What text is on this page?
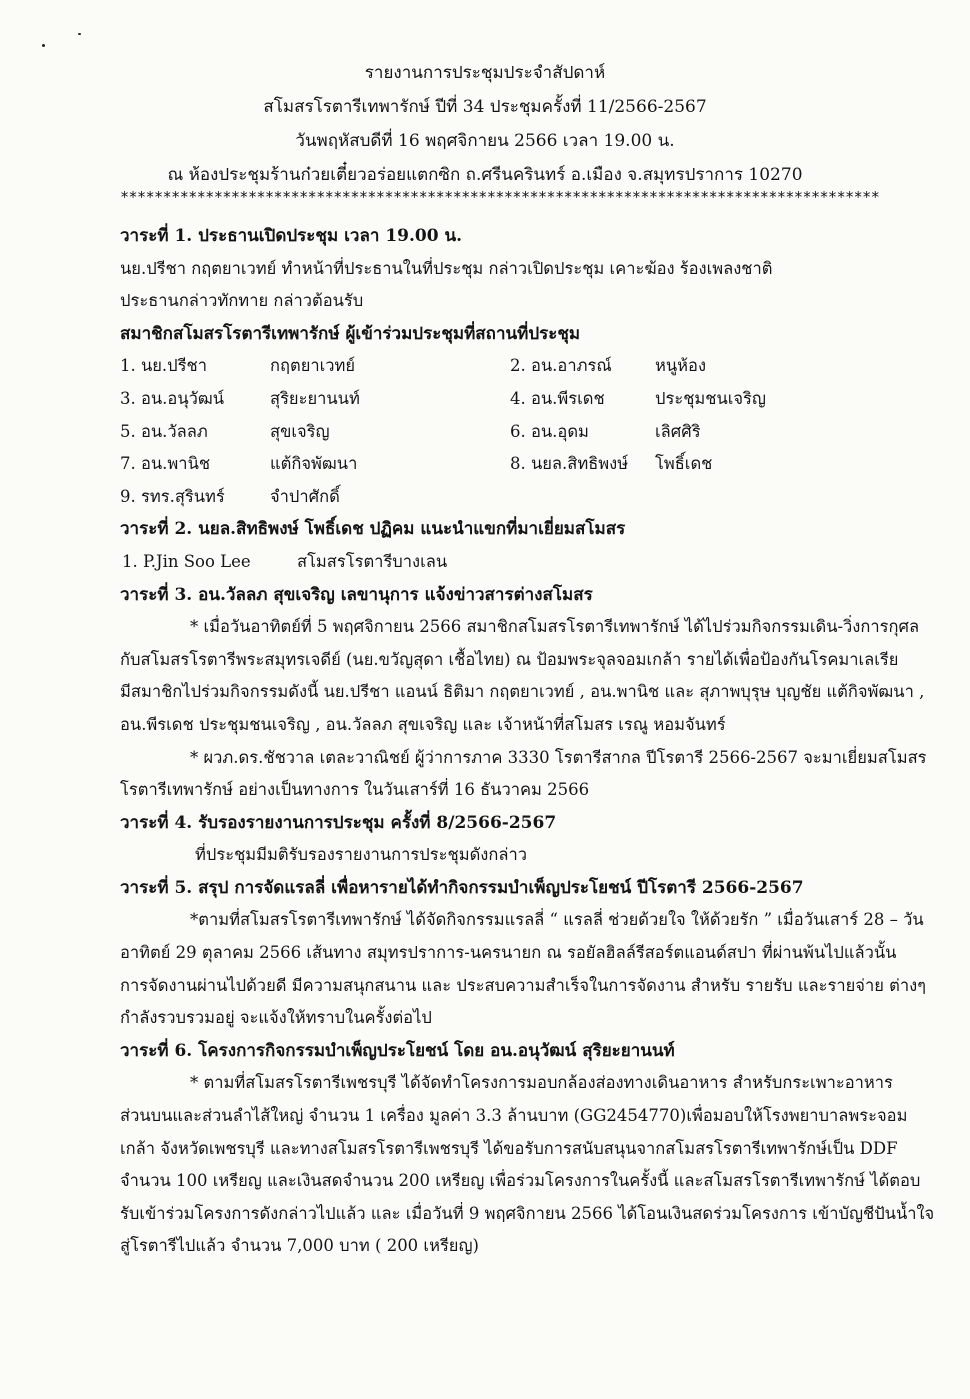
รายงานการประชุมประจำสัปดาห์
สโมสรโรตารีเทพารักษ์ ปีที่ 34 ประชุมครั้งที่ 11/2566-2567
วันพฤหัสบดีที่ 16 พฤศจิกายน 2566 เวลา 19.00 น.
ณ ห้องประชุมร้านก๋วยเตี๋ยวอร่อยแตกซิก ถ.ศรีนครินทร์ อ.เมือง จ.สมุทรปราการ 10270
*****************************************************************************************
วาระที่ 1. ประธานเปิดประชุม เวลา 19.00 น.
นย.ปรีชา กฤตยาเวทย์ ทำหน้าที่ประธานในที่ประชุม กล่าวเปิดประชุม เคาะฆ้อง ร้องเพลงชาติ
ประธานกล่าวทักทาย กล่าวต้อนรับ
สมาชิกสโมสรโรตารีเทพารักษ์ ผู้เข้าร่วมประชุมที่สถานที่ประชุม
1. นย.ปรีชา	กฤตยาเวทย์	2. อน.อาภรณ์	หนูห้อง
3. อน.อนุวัฒน์	สุริยะยานนท์	4. อน.พีรเดช	ประชุมชนเจริญ
5. อน.วัลลภ	สุขเจริญ	6. อน.อุดม	เลิศศิริ
7. อน.พานิช	แต้กิจพัฒนา	8. นยล.สิทธิพงษ์	โพธิ์เดช
9. รทร.สุรินทร์	จำปาศักดิ์
วาระที่ 2. นยล.สิทธิพงษ์ โพธิ์เดช ปฏิคม แนะนำแขกที่มาเยี่ยมสโมสร
1. P.Jin Soo Lee	สโมสรโรตารีบางเลน
วาระที่ 3. อน.วัลลภ สุขเจริญ เลขานุการ แจ้งข่าวสารต่างสโมสร
* เมื่อวันอาทิตย์ที่ 5 พฤศจิกายน 2566 สมาชิกสโมสรโรตารีเทพารักษ์ ได้ไปร่วมกิจกรรมเดิน-วิ่งการกุศล
กับสโมสรโรตารีพระสมุทรเจดีย์ (นย.ขวัญสุดา เชื้อไทย) ณ ป้อมพระจุลจอมเกล้า รายได้เพื่อป้องกันโรคมาเลเรีย
มีสมาชิกไปร่วมกิจกรรมดังนี้ นย.ปรีชา แอนน์ ธิติมา กฤตยาเวทย์ , อน.พานิช และ สุภาพบุรุษ บุญชัย แต้กิจพัฒนา ,
อน.พีรเดช ประชุมชนเจริญ , อน.วัลลภ สุขเจริญ และ เจ้าหน้าที่สโมสร เรณู หอมจันทร์
* ผวภ.ดร.ชัชวาล เตละวาณิชย์ ผู้ว่าการภาค 3330 โรตารีสากล ปีโรตารี 2566-2567 จะมาเยี่ยมสโมสร
โรตารีเทพารักษ์ อย่างเป็นทางการ ในวันเสาร์ที่ 16 ธันวาคม 2566
วาระที่ 4. รับรองรายงานการประชุม ครั้งที่ 8/2566-2567
ที่ประชุมมีมติรับรองรายงานการประชุมดังกล่าว
วาระที่ 5. สรุป การจัดแรลลี่ เพื่อหารายได้ทำกิจกรรมบำเพ็ญประโยชน์ ปีโรตารี 2566-2567
*ตามที่สโมสรโรตารีเทพารักษ์ ได้จัดกิจกรรมแรลลี่ “ แรลลี่ ช่วยด้วยใจ ให้ด้วยรัก ” เมื่อวันเสาร์ 28 – วัน
อาทิตย์ 29 ตุลาคม 2566 เส้นทาง สมุทรปราการ-นครนายก ณ รอยัลฮิลล์รีสอร์ตแอนด์สปา ที่ผ่านพ้นไปแล้วนั้น
การจัดงานผ่านไปด้วยดี มีความสนุกสนาน และ ประสบความสำเร็จในการจัดงาน สำหรับ รายรับ และรายจ่าย ต่างๆ
กำลังรวบรวมอยู่ จะแจ้งให้ทราบในครั้งต่อไป
วาระที่ 6. โครงการกิจกรรมบำเพ็ญประโยชน์ โดย อน.อนุวัฒน์ สุริยะยานนท์
* ตามที่สโมสรโรตารีเพชรบุรี ได้จัดทำโครงการมอบกล้องส่องทางเดินอาหาร สำหรับกระเพาะอาหาร
ส่วนบนและส่วนลำไส้ใหญ่ จำนวน 1 เครื่อง มูลค่า 3.3 ล้านบาท (GG2454770)เพื่อมอบให้โรงพยาบาลพระจอม
เกล้า จังหวัดเพชรบุรี และทางสโมสรโรตารีเพชรบุรี ได้ขอรับการสนับสนุนจากสโมสรโรตารีเทพารักษ์เป็น DDF
จำนวน 100 เหรียญ และเงินสดจำนวน 200 เหรียญ เพื่อร่วมโครงการในครั้งนี้ และสโมสรโรตารีเทพารักษ์ ได้ตอบ
รับเข้าร่วมโครงการดังกล่าวไปแล้ว และ เมื่อวันที่ 9 พฤศจิกายน 2566 ได้โอนเงินสดร่วมโครงการ เข้าบัญชีปันน้ำใจ
สู่โรตารีไปแล้ว จำนวน 7,000 บาท ( 200 เหรียญ)
